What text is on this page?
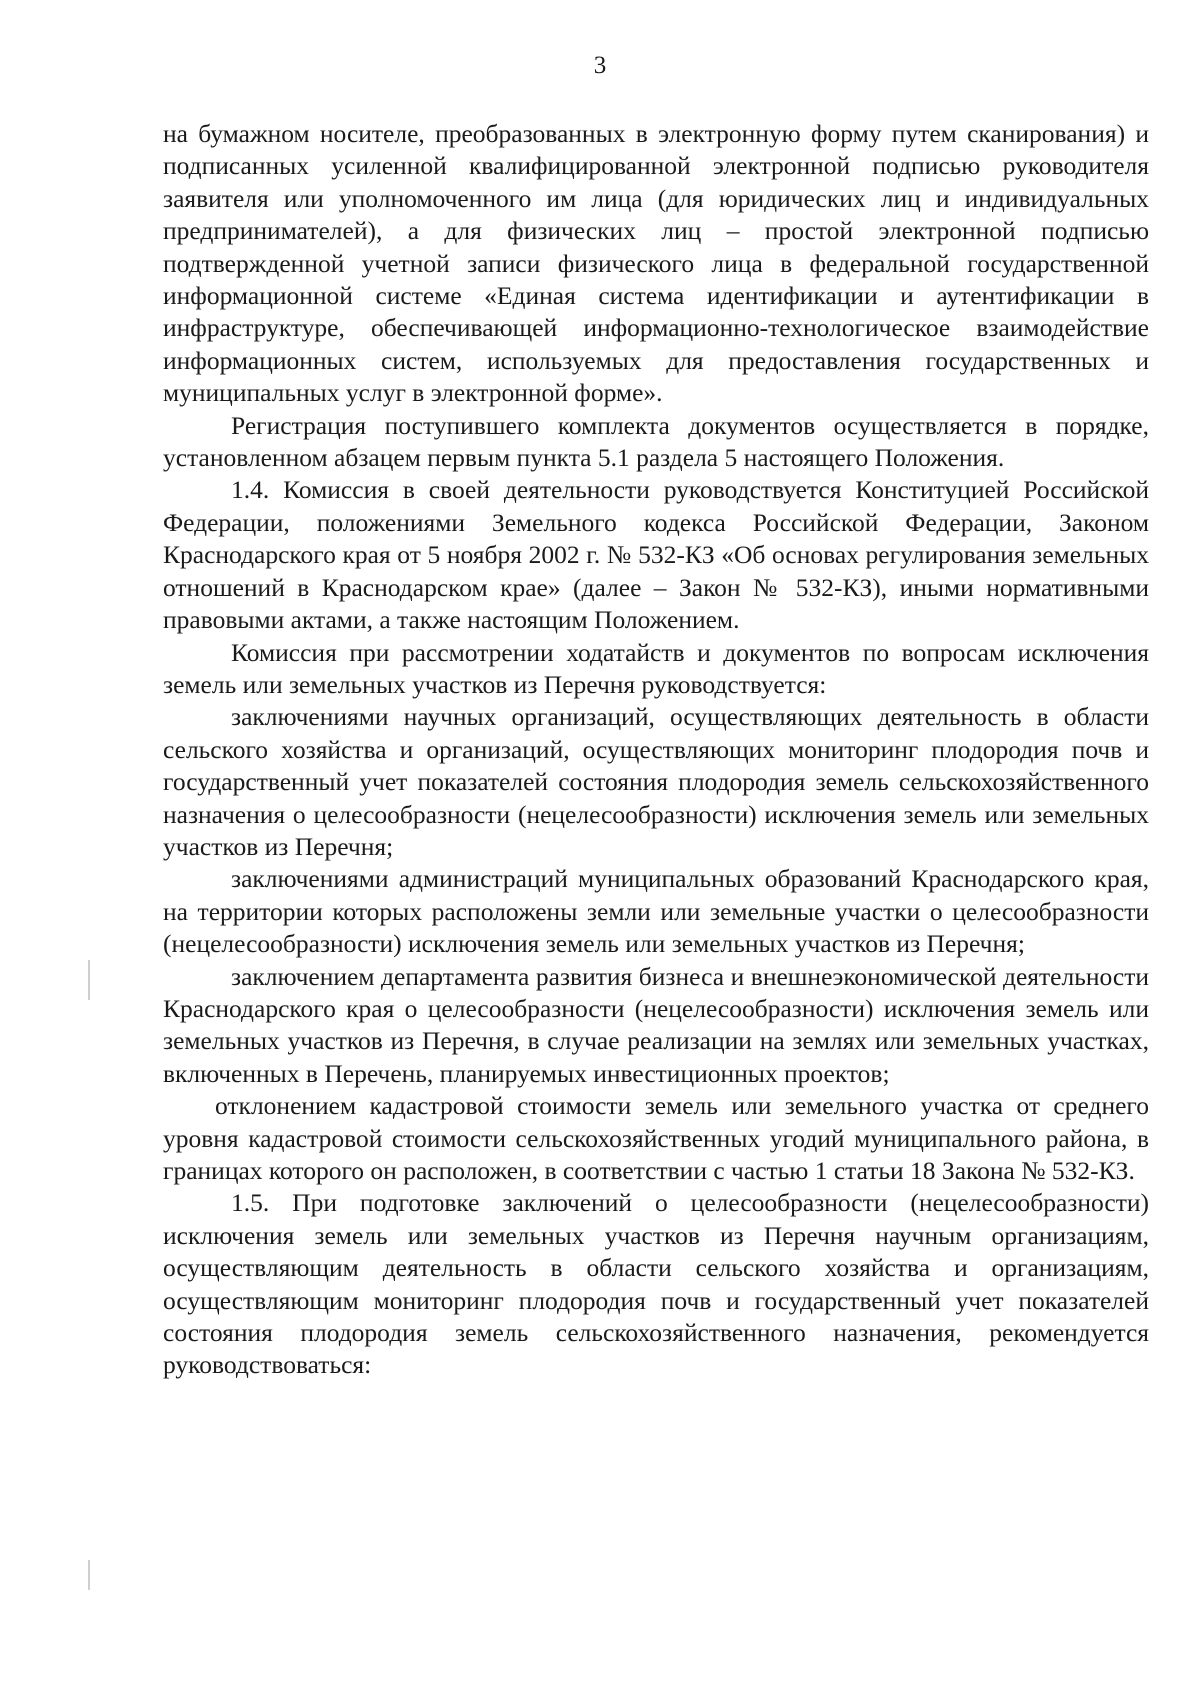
3

на бумажном носителе, преобразованных в электронную форму путем сканирования) и подписанных усиленной квалифицированной электронной подписью руководителя заявителя или уполномоченного им лица (для юридических лиц и индивидуальных предпринимателей), а для физических лиц – простой электронной подписью подтвержденной учетной записи физического лица в федеральной государственной информационной системе «Единая система идентификации и аутентификации в инфраструктуре, обеспечивающей информационно-технологическое взаимодействие информационных систем, используемых для предоставления государственных и муниципальных услуг в электронной форме».

Регистрация поступившего комплекта документов осуществляется в порядке, установленном абзацем первым пункта 5.1 раздела 5 настоящего Положения.

1.4. Комиссия в своей деятельности руководствуется Конституцией Российской Федерации, положениями Земельного кодекса Российской Федерации, Законом Краснодарского края от 5 ноября 2002 г. № 532-КЗ «Об основах регулирования земельных отношений в Краснодарском крае» (далее – Закон № 532-КЗ), иными нормативными правовыми актами, а также настоящим Положением.

Комиссия при рассмотрении ходатайств и документов по вопросам исключения земель или земельных участков из Перечня руководствуется:

заключениями научных организаций, осуществляющих деятельность в области сельского хозяйства и организаций, осуществляющих мониторинг плодородия почв и государственный учет показателей состояния плодородия земель сельскохозяйственного назначения о целесообразности (нецелесообразности) исключения земель или земельных участков из Перечня;

заключениями администраций муниципальных образований Краснодарского края, на территории которых расположены земли или земельные участки о целесообразности (нецелесообразности) исключения земель или земельных участков из Перечня;

заключением департамента развития бизнеса и внешнеэкономической деятельности Краснодарского края о целесообразности (нецелесообразности) исключения земель или земельных участков из Перечня, в случае реализации на землях или земельных участках, включенных в Перечень, планируемых инвестиционных проектов;

отклонением кадастровой стоимости земель или земельного участка от среднего уровня кадастровой стоимости сельскохозяйственных угодий муниципального района, в границах которого он расположен, в соответствии с частью 1 статьи 18 Закона № 532-КЗ.

1.5. При подготовке заключений о целесообразности (нецелесообразности) исключения земель или земельных участков из Перечня научным организациям, осуществляющим деятельность в области сельского хозяйства и организациям, осуществляющим мониторинг плодородия почв и государственный учет показателей состояния плодородия земель сельскохозяйственного назначения, рекомендуется руководствоваться:
